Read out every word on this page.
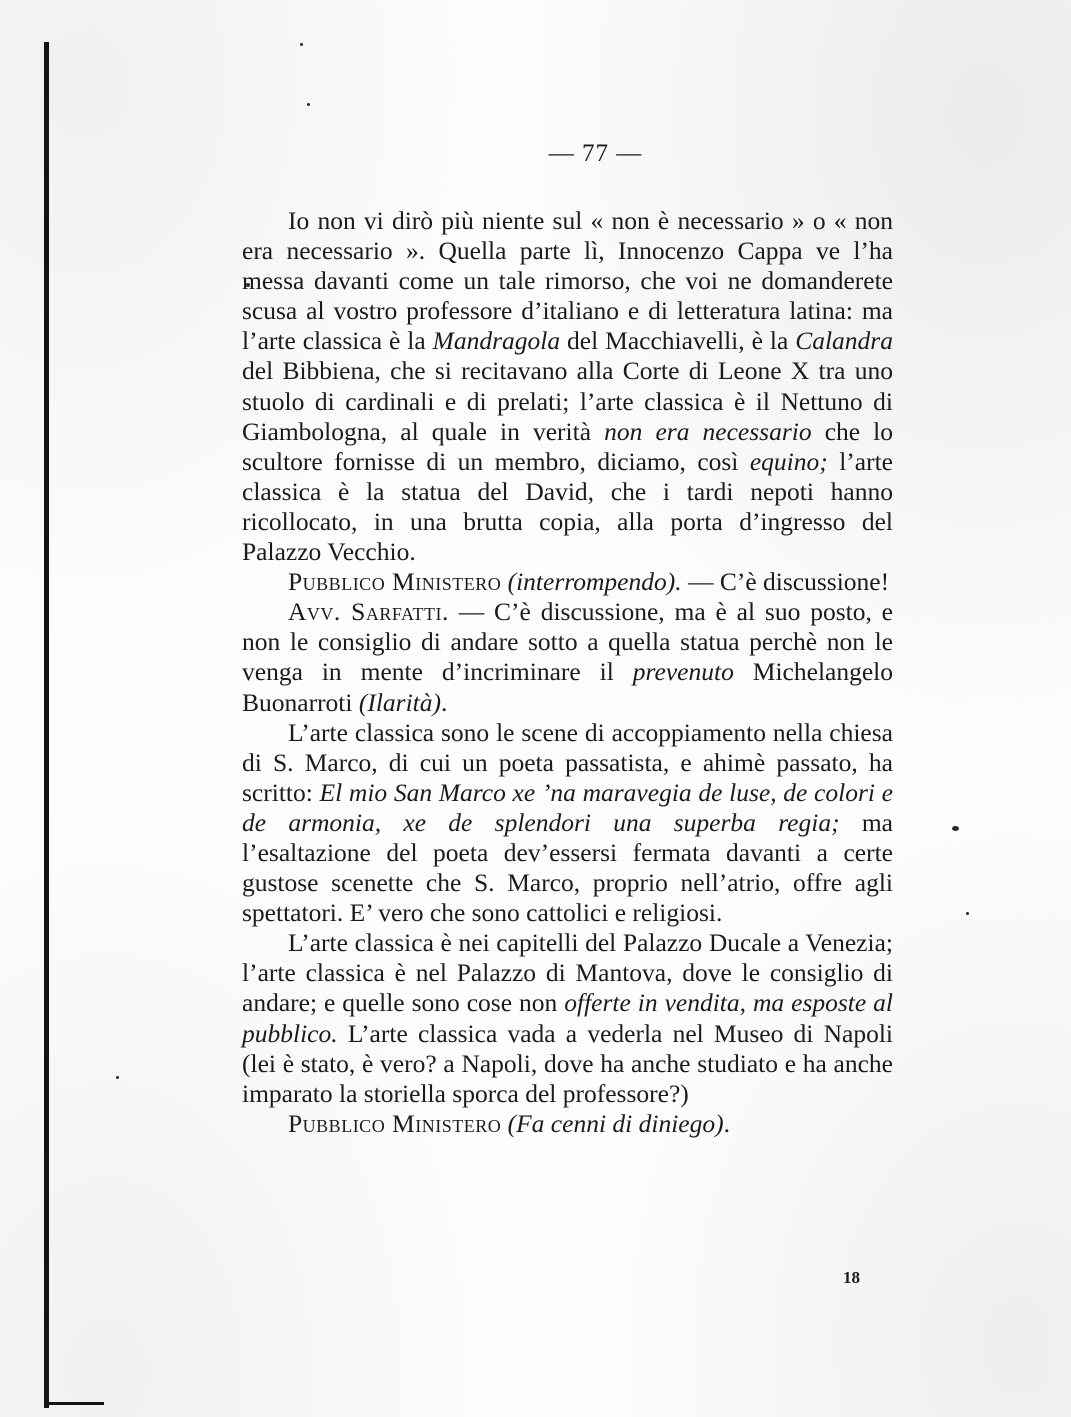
— 77 —

Io non vi dirò più niente sul « non è necessario » o « non era necessario ». Quella parte lì, Innocenzo Cappa ve l’ha messa davanti come un tale rimorso, che voi ne domanderete scusa al vostro professore d’italiano e di letteratura latina: ma l’arte classica è la Mandragola del Macchiavelli, è la Calandra del Bibbiena, che si recitavano alla Corte di Leone X tra uno stuolo di cardinali e di prelati; l’arte classica è il Nettuno di Giambologna, al quale in verità non era necessario che lo scultore fornisse di un membro, diciamo, così equino; l’arte classica è la statua del David, che i tardi nepoti hanno ricollocato, in una brutta copia, alla porta d’ingresso del Palazzo Vecchio.

Pubblico Ministero (interrompendo). — C’è discussione!

Avv. Sarfatti. — C’è discussione, ma è al suo posto, e non le consiglio di andare sotto a quella statua perchè non le venga in mente d’incriminare il prevenuto Michelangelo Buonarroti (Ilarità).

L’arte classica sono le scene di accoppiamento nella chiesa di S. Marco, di cui un poeta passatista, e ahimè passato, ha scritto: El mio San Marco xe ’na maravegia de luse, de colori e de armonia, xe de splendori una superba regia; ma l’esaltazione del poeta dev’essersi fermata davanti a certe gustose scenette che S. Marco, proprio nell’atrio, offre agli spettatori. E’ vero che sono cattolici e religiosi.

L’arte classica è nei capitelli del Palazzo Ducale a Venezia; l’arte classica è nel Palazzo di Mantova, dove le consiglio di andare; e quelle sono cose non offerte in vendita, ma esposte al pubblico. L’arte classica vada a vederla nel Museo di Napoli (lei è stato, è vero? a Napoli, dove ha anche studiato e ha anche imparato la storiella sporca del professore?)

Pubblico Ministero (Fa cenni di diniego).

18
